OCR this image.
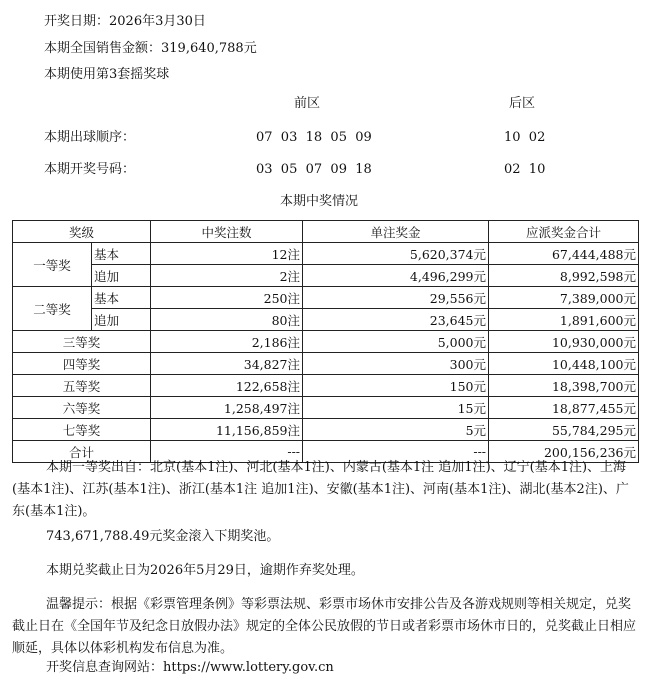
开奖日期：2026年3月30日
本期全国销售金额：319,640,788元
本期使用第3套摇奖球
前区	后区
本期出球顺序：	07  03  18  05  09	10  02
本期开奖号码：	03  05  07  09  18	02  10
本期中奖情况
奖级		中奖注数	单注奖金	应派奖金合计
一等奖	基本	12注	5,620,374元	67,444,488元
	追加	2注	4,496,299元	8,992,598元
二等奖	基本	250注	29,556元	7,389,000元
	追加	80注	23,645元	1,891,600元
三等奖		2,186注	5,000元	10,930,000元
四等奖		34,827注	300元	10,448,100元
五等奖		122,658注	150元	18,398,700元
六等奖		1,258,497注	15元	18,877,455元
七等奖		11,156,859注	5元	55,784,295元
合计		---	---	200,156,236元
本期一等奖出自：北京(基本1注)、河北(基本1注)、内蒙古(基本1注 追加1注)、辽宁(基本1注)、上海(基本1注)、江苏(基本1注)、浙江(基本1注 追加1注)、安徽(基本1注)、河南(基本1注)、湖北(基本2注)、广东(基本1注)。
743,671,788.49元奖金滚入下期奖池。
本期兑奖截止日为2026年5月29日，逾期作弃奖处理。
温馨提示：根据《彩票管理条例》等彩票法规、彩票市场休市安排公告及各游戏规则等相关规定，兑奖截止日在《全国年节及纪念日放假办法》规定的全体公民放假的节日或者彩票市场休市日的，兑奖截止日相应顺延，具体以体彩机构发布信息为准。
开奖信息查询网站：https://www.lottery.gov.cn
